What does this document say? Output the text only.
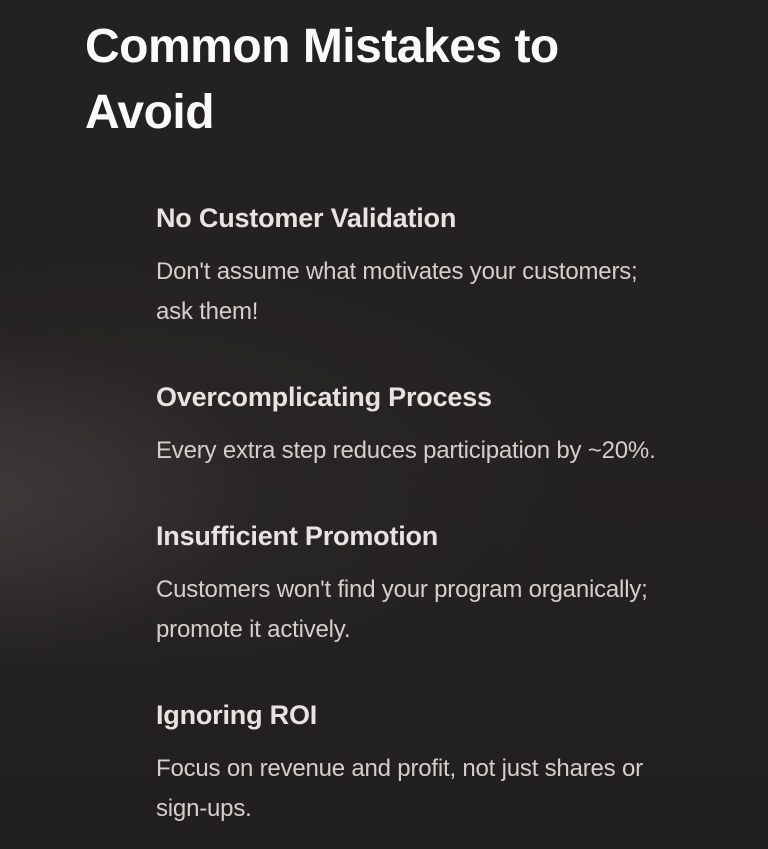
Common Mistakes to Avoid
No Customer Validation

Don't assume what motivates your customers;
ask them!

Overcomplicating Process

Every extra step reduces participation by ~20%.

Insufficient Promotion

Customers won't find your program organically;
promote it actively.

Ignoring ROI

Focus on revenue and profit, not just shares or
sign-ups.
